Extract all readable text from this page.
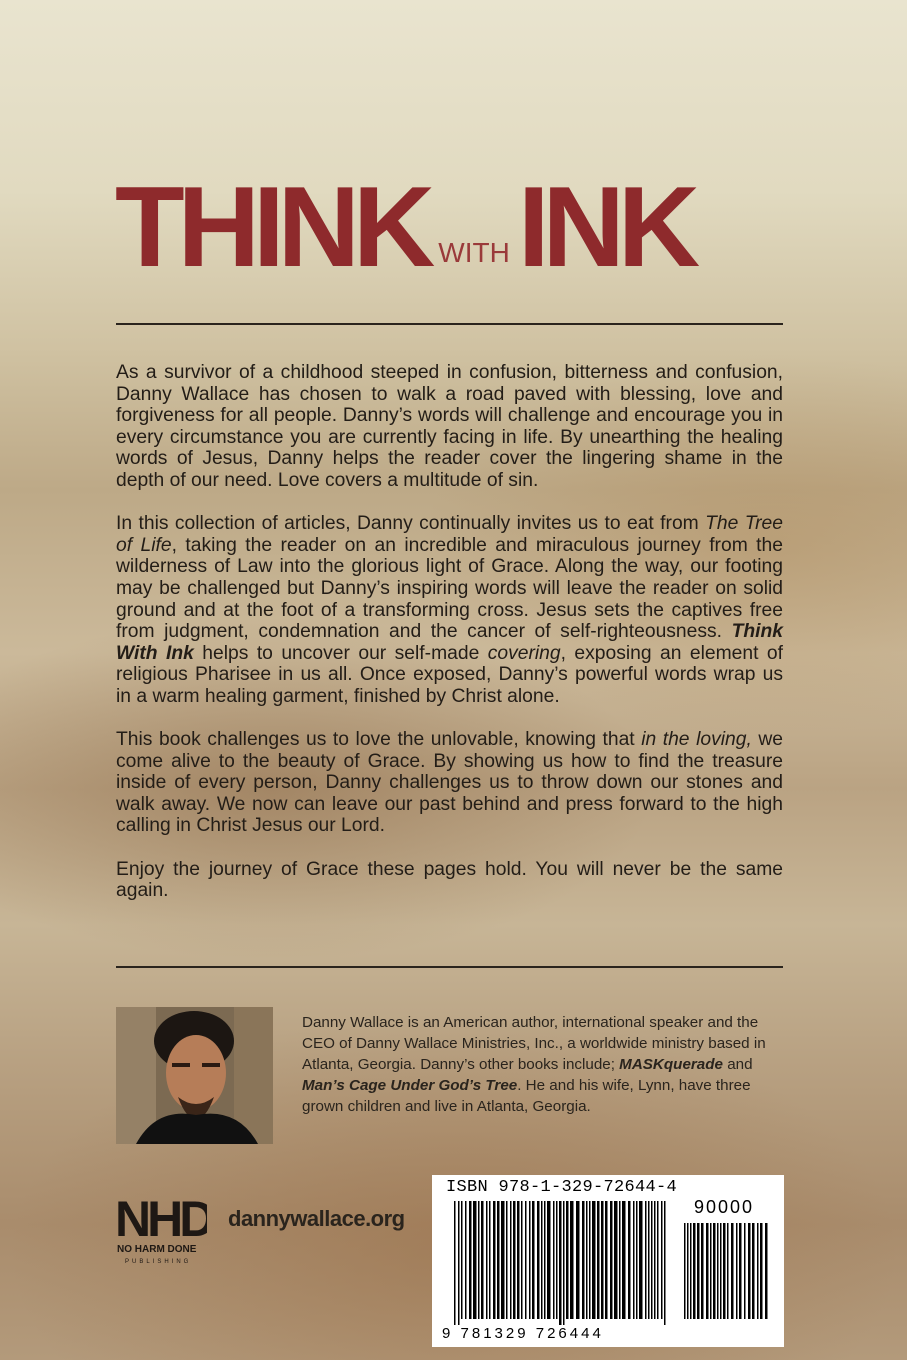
THINK WITH INK

As a survivor of a childhood steeped in confusion, bitterness and confusion, Danny Wallace has chosen to walk a road paved with blessing, love and forgiveness for all people. Danny’s words will challenge and encourage you in every circumstance you are currently facing in life. By unearthing the healing words of Jesus, Danny helps the reader cover the lingering shame in the depth of our need. Love covers a multitude of sin.

In this collection of articles, Danny continually invites us to eat from The Tree of Life, taking the reader on an incredible and miraculous journey from the wilderness of Law into the glorious light of Grace. Along the way, our footing may be challenged but Danny’s inspiring words will leave the reader on solid ground and at the foot of a transforming cross. Jesus sets the captives free from judgment, condemnation and the cancer of self-righteousness. Think With Ink helps to uncover our self-made covering, exposing an element of religious Pharisee in us all. Once exposed, Danny’s powerful words wrap us in a warm healing garment, finished by Christ alone.

This book challenges us to love the unlovable, knowing that in the loving, we come alive to the beauty of Grace. By showing us how to find the treasure inside of every person, Danny challenges us to throw down our stones and walk away. We now can leave our past behind and press forward to the high calling in Christ Jesus our Lord.

Enjoy the journey of Grace these pages hold. You will never be the same again.

Danny Wallace is an American author, international speaker and the CEO of Danny Wallace Ministries, Inc., a worldwide ministry based in Atlanta, Georgia. Danny’s other books include; MASKquerade and Man’s Cage Under God’s Tree. He and his wife, Lynn, have three grown children and live in Atlanta, Georgia.
NHD
NO HARM DONE
PUBLISHING
dannywallace.org
ISBN 978-1-329-72644-4
90000
9 781329 726444
